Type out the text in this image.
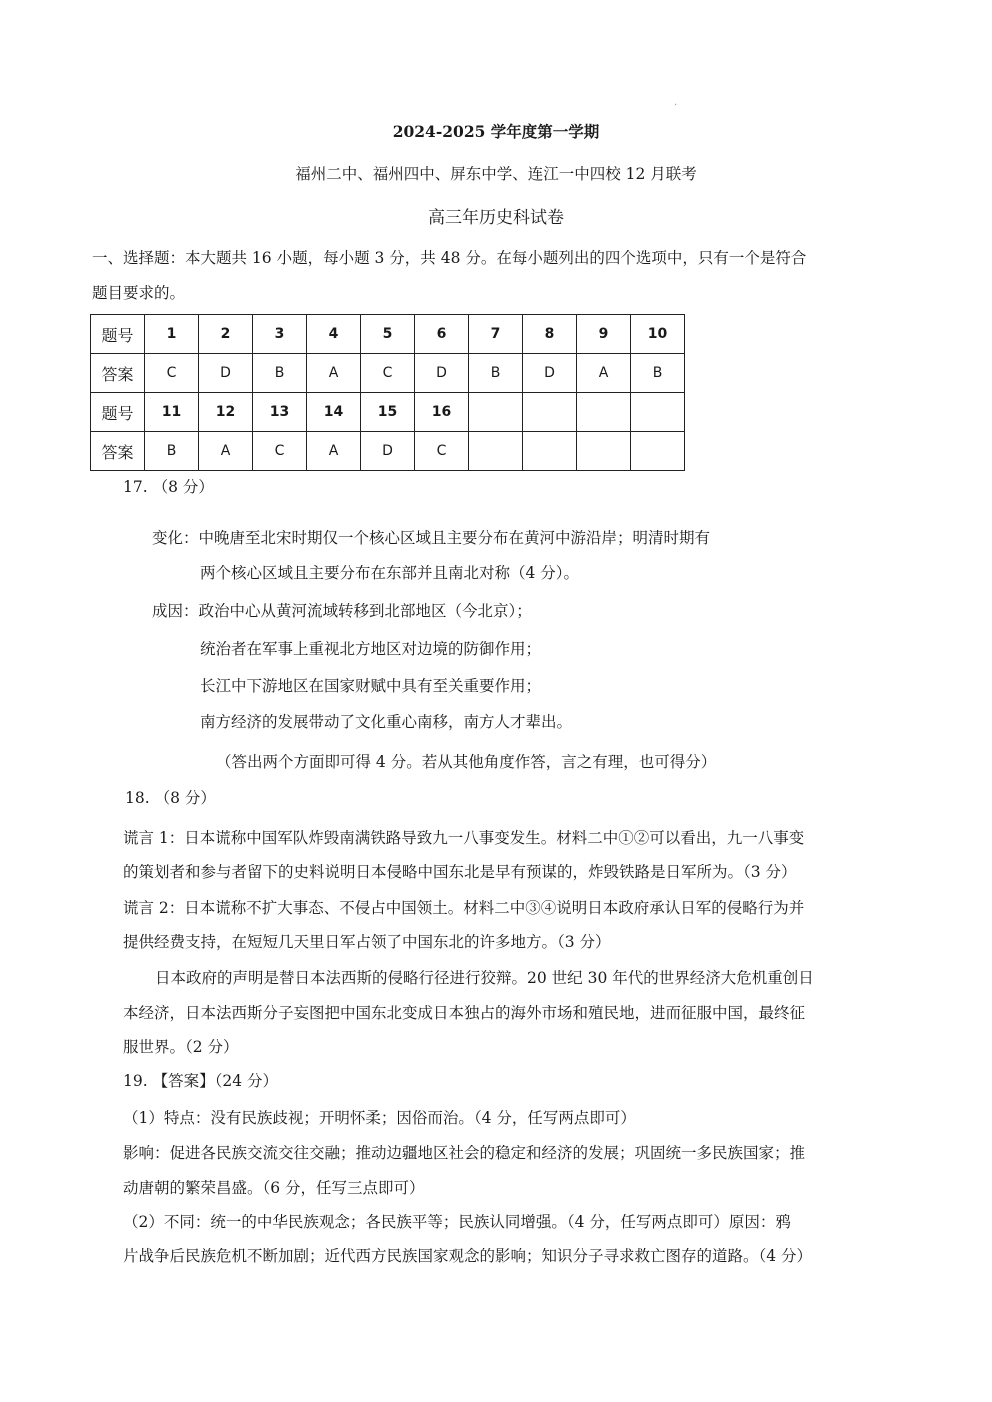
·
2024-2025 学年度第一学期
福州二中、福州四中、屏东中学、连江一中四校 12 月联考
高三年历史科试卷
一、选择题：本大题共 16 小题，每小题 3 分，共 48 分。在每小题列出的四个选项中，只有一个是符合
题目要求的。
题号	1	2	3	4	5	6	7	8	9	10
答案	C	D	B	A	C	D	B	D	A	B
题号	11	12	13	14	15	16				
答案	B	A	C	A	D	C				
17. （8 分）
变化：中晚唐至北宋时期仅一个核心区域且主要分布在黄河中游沿岸；明清时期有
两个核心区域且主要分布在东部并且南北对称（4 分）。
成因：政治中心从黄河流域转移到北部地区（今北京）；
统治者在军事上重视北方地区对边境的防御作用；
长江中下游地区在国家财赋中具有至关重要作用；
南方经济的发展带动了文化重心南移，南方人才辈出。
（答出两个方面即可得 4 分。若从其他角度作答，言之有理，也可得分）
18. （8 分）
谎言 1：日本谎称中国军队炸毁南满铁路导致九一八事变发生。材料二中①②可以看出，九一八事变
的策划者和参与者留下的史料说明日本侵略中国东北是早有预谋的，炸毁铁路是日军所为。（3 分）
谎言 2：日本谎称不扩大事态、不侵占中国领土。材料二中③④说明日本政府承认日军的侵略行为并
提供经费支持，在短短几天里日军占领了中国东北的许多地方。（3 分）
日本政府的声明是替日本法西斯的侵略行径进行狡辩。20 世纪 30 年代的世界经济大危机重创日
本经济，日本法西斯分子妄图把中国东北变成日本独占的海外市场和殖民地，进而征服中国，最终征
服世界。（2 分）
19. 【答案】（24 分）
（1）特点：没有民族歧视；开明怀柔；因俗而治。（4 分，任写两点即可）
影响：促进各民族交流交往交融；推动边疆地区社会的稳定和经济的发展；巩固统一多民族国家；推
动唐朝的繁荣昌盛。（6 分，任写三点即可）
（2）不同：统一的中华民族观念；各民族平等；民族认同增强。（4 分，任写两点即可）原因：鸦
片战争后民族危机不断加剧；近代西方民族国家观念的影响；知识分子寻求救亡图存的道路。（4 分）
